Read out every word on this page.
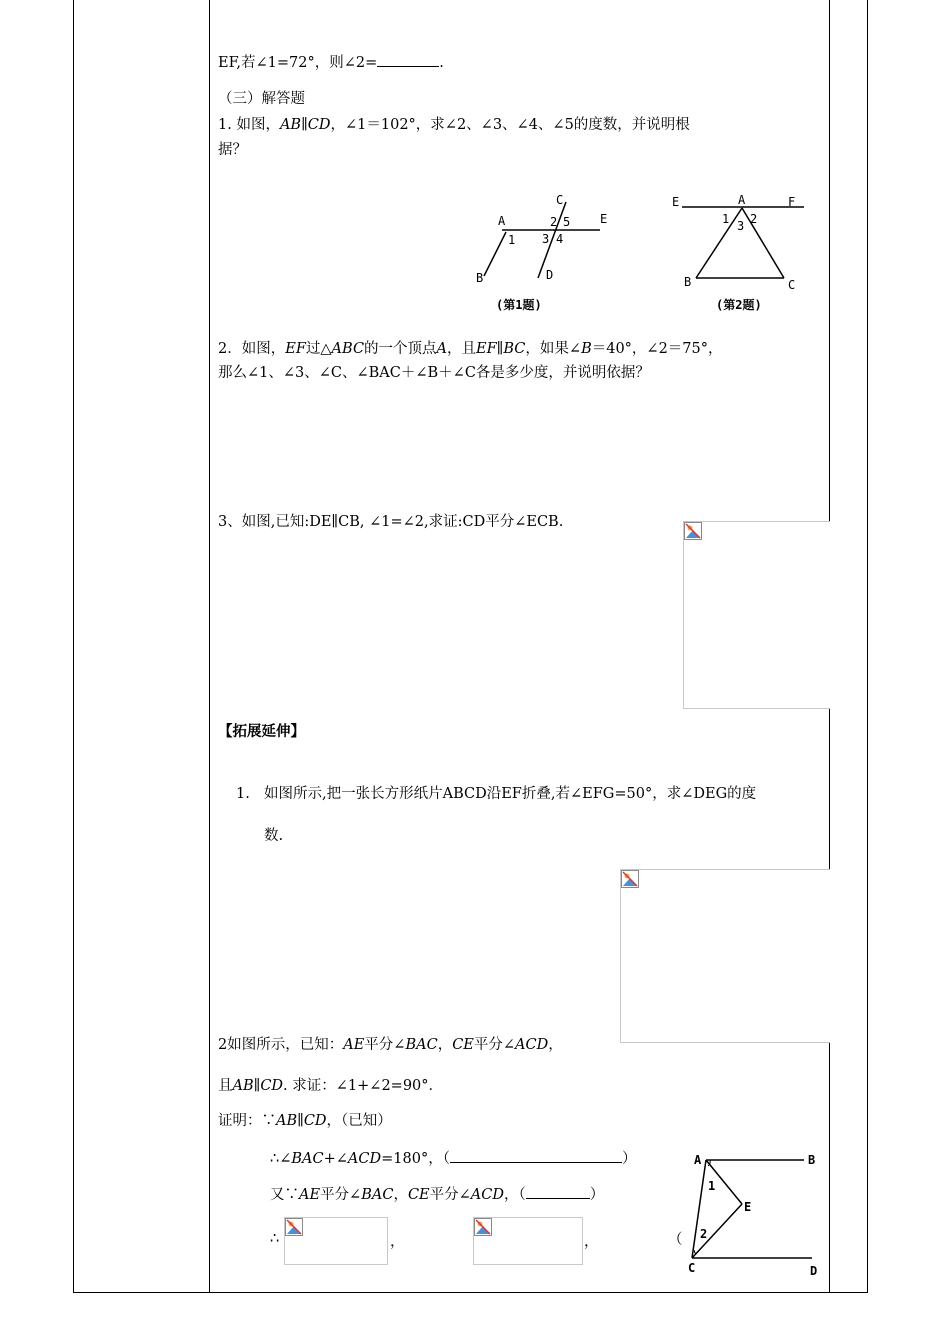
EF,若∠1=72°，则∠2=	.
（三）解答题
1. 如图，AB∥CD，∠1＝102°，求∠2、∠3、∠4、∠5的度数，并说明根
据？
C
A	E
2 5
1 3 4
B	D
(第1题)
E	A	F
1 2
3
B	C
(第2题)
2．如图，EF过△ABC的一个顶点A，且EF∥BC，如果∠B＝40°，∠2＝75°，
那么∠1、∠3、∠C、∠BAC＋∠B＋∠C各是多少度，并说明依据？
3、如图,已知:DE∥CB, ∠1=∠2,求证:CD平分∠ECB.
【拓展延伸】
1. 如图所示,把一张长方形纸片ABCD沿EF折叠,若∠EFG=50°，求∠DEG的度
数.
2如图所示，已知：AE平分∠BAC，CE平分∠ACD，
且AB∥CD. 求证：∠1+∠2=90°．
证明：∵AB∥CD，（已知）
∴∠BAC+∠ACD=180°，（	）
又∵AE平分∠BAC，CE平分∠ACD，（	）
∴	，	，	（
A	B
1
E
2
C	D
